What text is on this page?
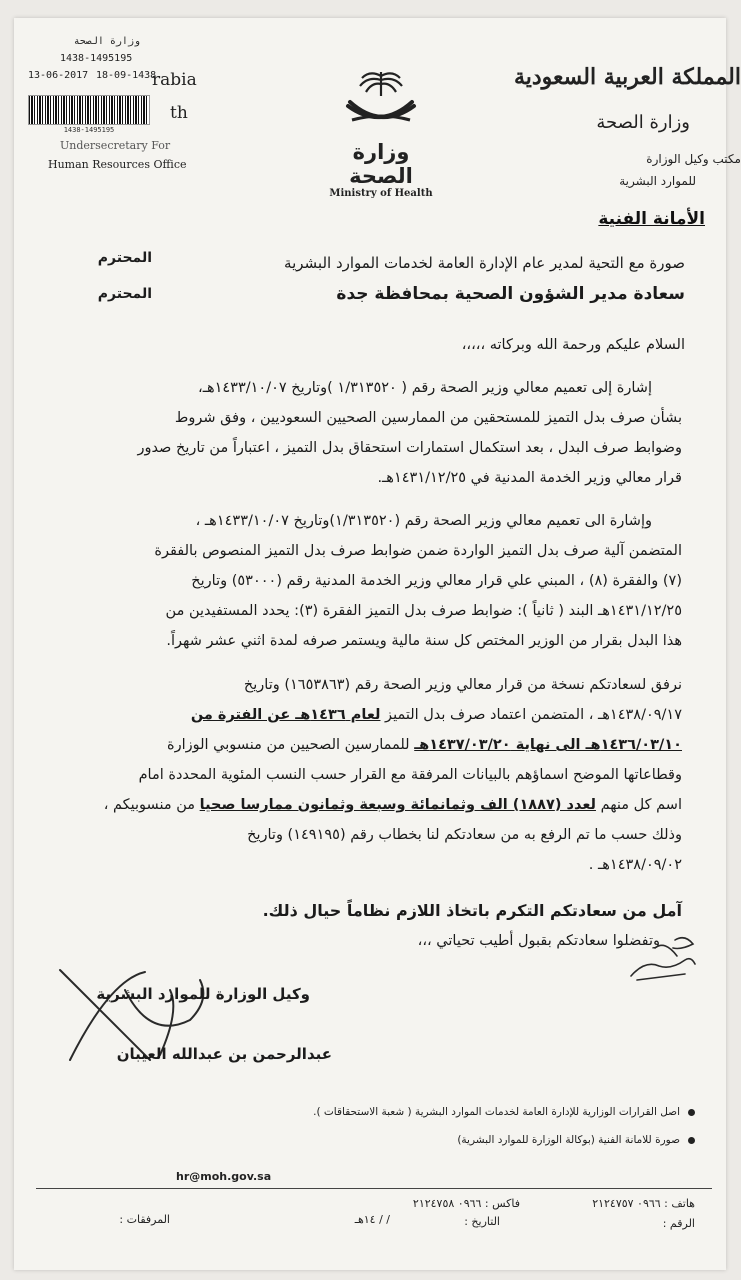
وزارة الصحة
1438-1495195
13-06-2017 18-09-1438
1438-1495195
rabia
th
Undersecretary For
Human Resources Office
وزارة الصحة
Ministry of Health
المملكة العربية السعودية
وزارة الصحة
مكتب وكيل الوزارة
للموارد البشرية
الأمانة الفنية
صورة مع التحية لمدير عام الإدارة العامة لخدمات الموارد البشرية
المحترم
سعادة مدير الشؤون الصحية بمحافظة جدة
المحترم
السلام عليكم ورحمة الله وبركاته ،،،،،
إشارة إلى تعميم معالي وزير الصحة رقم ( ١/٣١٣٥٢٠ )وتاريخ ١٤٣٣/١٠/٠٧هـ،
بشأن صرف بدل التميز للمستحقين من الممارسين الصحيين السعوديين ، وفق شروط
وضوابط صرف البدل ، بعد استكمال استمارات استحقاق بدل التميز ، اعتباراً من تاريخ صدور
قرار معالي وزير الخدمة المدنية في ١٤٣١/١٢/٢٥هـ.
وإشارة الى تعميم معالي وزير الصحة رقم (١/٣١٣٥٢٠)وتاريخ ١٤٣٣/١٠/٠٧هـ ،
المتضمن آلية صرف بدل التميز الواردة ضمن ضوابط صرف بدل التميز المنصوص بالفقرة
(٧) والفقرة (٨) ، المبني علي قرار معالي وزير الخدمة المدنية رقم (٥٣٠٠٠) وتاريخ
١٤٣١/١٢/٢٥هـ البند ( ثانياً ): ضوابط صرف بدل التميز الفقرة (٣): يحدد المستفيدين من
هذا البدل بقرار من الوزير المختص كل سنة مالية ويستمر صرفه لمدة اثني عشر شهراً.
نرفق لسعادتكم نسخة من قرار معالي وزير الصحة رقم (١٦٥٣٨٦٣) وتاريخ
١٤٣٨/٠٩/١٧هـ ، المتضمن اعتماد صرف بدل التميز لعام ١٤٣٦هـ عن الفترة من
١٤٣٦/٠٣/١٠هـ الى نهاية ١٤٣٧/٠٣/٢٠هـ للممارسين الصحيين من منسوبي الوزارة
وقطاعاتها الموضح اسماؤهم بالبيانات المرفقة مع القرار حسب النسب المئوية المحددة امام
اسم كل منهم لعدد (١٨٨٧) الف وثمانمائة وسبعة وثمانون ممارسا صحيا من منسوبيكم ،
وذلك حسب ما تم الرفع به من سعادتكم لنا بخطاب رقم (١٤٩١٩٥) وتاريخ
١٤٣٨/٠٩/٠٢هـ .
آمل من سعادتكم التكرم باتخاذ اللازم نظاماً حيال ذلك.
وتفضلوا سعادتكم بقبول أطيب تحياتي ،،،
وكيل الوزارة للموارد البشرية
عبدالرحمن بن عبدالله العيبان
اصل القرارات الوزارية للإدارة العامة لخدمات الموارد البشرية ( شعبة الاستحقاقات ).
صورة للامانة الفنية (بوكالة الوزارة للموارد البشرية)
hr@moh.gov.sa
هاتف : ٠٩٦٦ ٢١٢٤٧٥٧
فاكس : ٠٩٦٦ ٢١٢٤٧٥٨
المرفقات :	التاريخ :
/ / ١٤هـ	الرقم :
